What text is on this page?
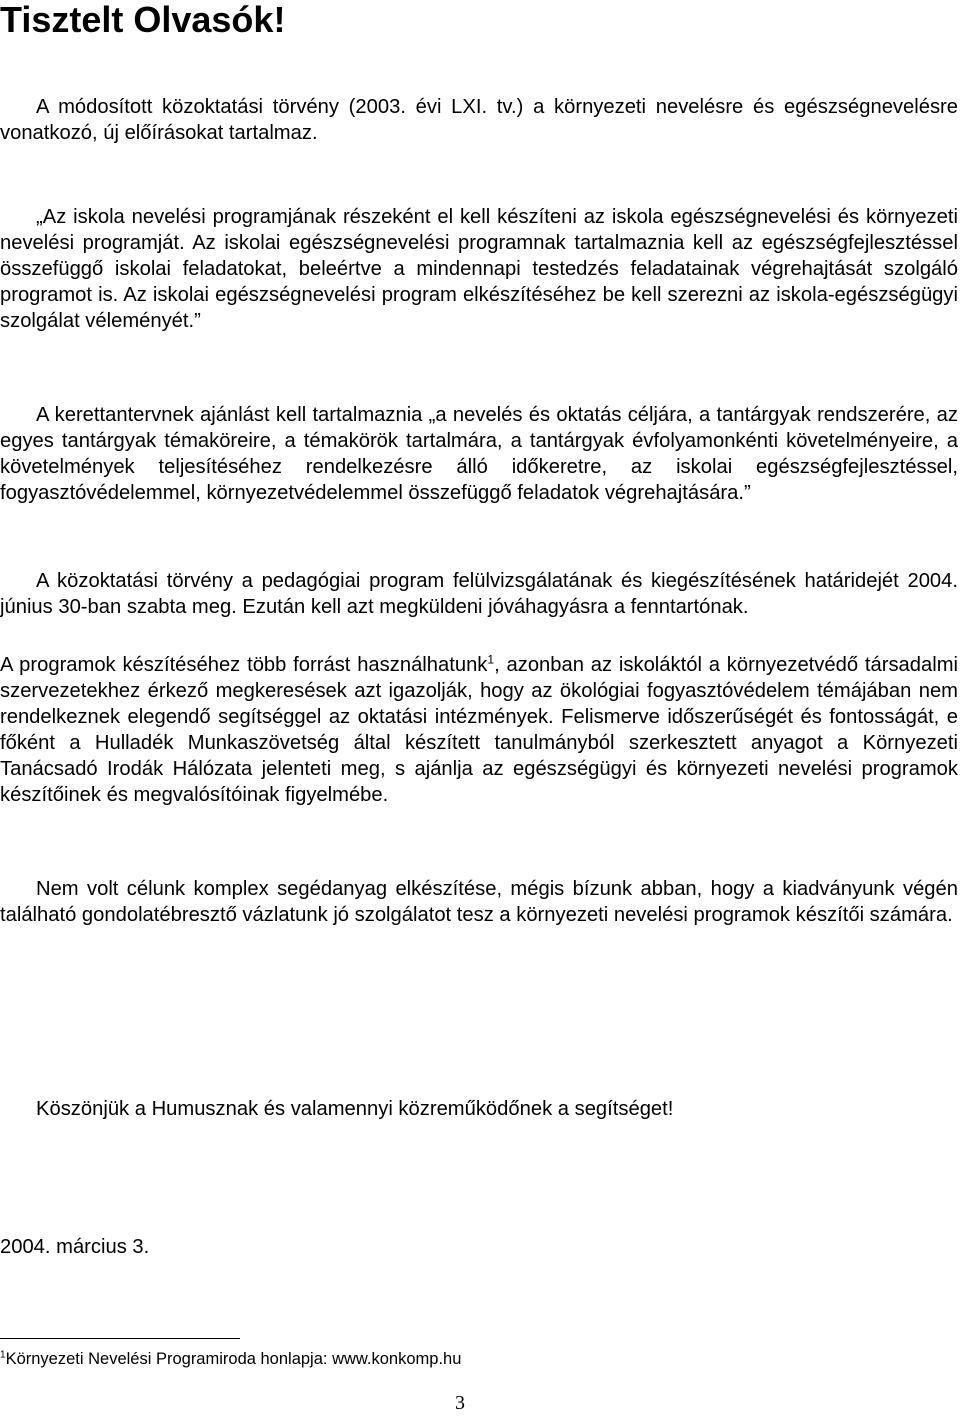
Tisztelt Olvasók!

A módosított közoktatási törvény (2003. évi LXI. tv.) a környezeti nevelésre és egészségnevelésre vonatkozó, új előírásokat tartalmaz.

„Az iskola nevelési programjának részeként el kell készíteni az iskola egészségnevelési és környezeti nevelési programját. Az iskolai egészségnevelési programnak tartalmaznia kell az egészségfejlesztéssel összefüggő iskolai feladatokat, beleértve a mindennapi testedzés feladatainak végrehajtását szolgáló programot is. Az iskolai egészségnevelési program elkészítéséhez be kell szerezni az iskola-egészségügyi szolgálat véleményét.”

A kerettantervnek ajánlást kell tartalmaznia „a nevelés és oktatás céljára, a tantárgyak rendszerére, az egyes tantárgyak témaköreire, a témakörök tartalmára, a tantárgyak évfolyamonkénti követelményeire, a követelmények teljesítéséhez rendelkezésre álló időkeretre, az iskolai egészségfejlesztéssel, fogyasztóvédelemmel, környezetvédelemmel összefüggő feladatok végrehajtására.”

A közoktatási törvény a pedagógiai program felülvizsgálatának és kiegészítésének határidejét 2004. június 30-ban szabta meg. Ezután kell azt megküldeni jóváhagyásra a fenntartónak.

A programok készítéséhez több forrást használhatunk$^1$, azonban az iskoláktól a környezetvédő társadalmi szervezetekhez érkező megkeresések azt igazolják, hogy az ökológiai fogyasztóvédelem témájában nem rendelkeznek elegendő segítséggel az oktatási intézmények. Felismerve időszerűségét és fontosságát, e főként a Hulladék Munkaszövetség által készített tanulmányból szerkesztett anyagot a Környezeti Tanácsadó Irodák Hálózata jelenteti meg, s ajánlja az egészségügyi és környezeti nevelési programok készítőinek és megvalósítóinak figyelmébe.

Nem volt célunk komplex segédanyag elkészítése, mégis bízunk abban, hogy a kiadványunk végén található gondolatébresztő vázlatunk jó szolgálatot tesz a környezeti nevelési programok készítői számára.

Köszönjük a Humusznak és valamennyi közreműködőnek a segítséget!

2004. március 3.

$^1$Környezeti Nevelési Programiroda honlapja: www.konkomp.hu

3
